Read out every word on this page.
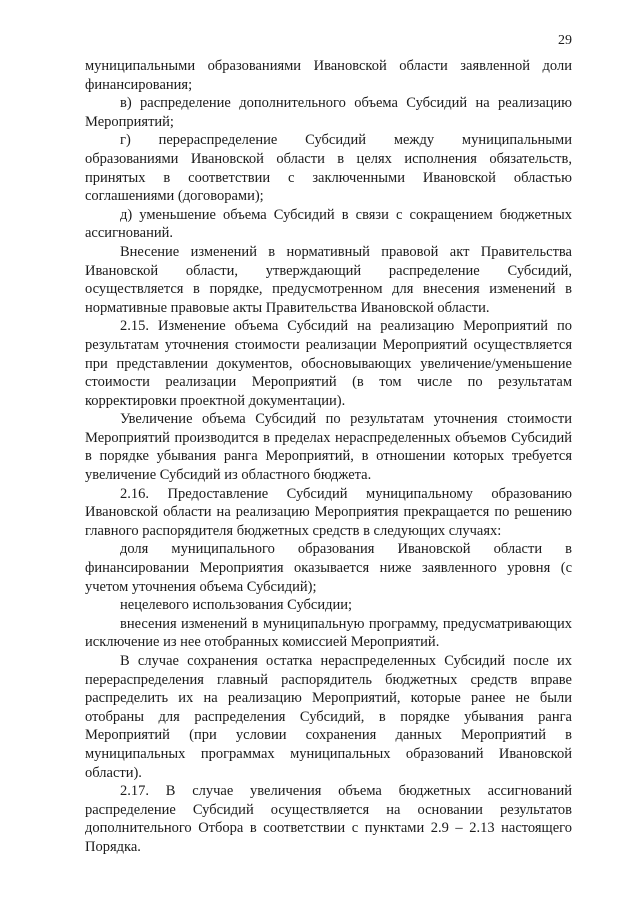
29

муниципальными образованиями Ивановской области заявленной доли финансирования;

в) распределение дополнительного объема Субсидий на реализацию Мероприятий;

г) перераспределение Субсидий между муниципальными образованиями Ивановской области в целях исполнения обязательств, принятых в соответствии с заключенными Ивановской областью соглашениями (договорами);

д) уменьшение объема Субсидий в связи с сокращением бюджетных ассигнований.

Внесение изменений в нормативный правовой акт Правительства Ивановской области, утверждающий распределение Субсидий, осуществляется в порядке, предусмотренном для внесения изменений в нормативные правовые акты Правительства Ивановской области.

2.15. Изменение объема Субсидий на реализацию Мероприятий по результатам уточнения стоимости реализации Мероприятий осуществляется при представлении документов, обосновывающих увеличение/уменьшение стоимости реализации Мероприятий (в том числе по результатам корректировки проектной документации).

Увеличение объема Субсидий по результатам уточнения стоимости Мероприятий производится в пределах нераспределенных объемов Субсидий в порядке убывания ранга Мероприятий, в отношении которых требуется увеличение Субсидий из областного бюджета.

2.16. Предоставление Субсидий муниципальному образованию Ивановской области на реализацию Мероприятия прекращается по решению главного распорядителя бюджетных средств в следующих случаях:

доля муниципального образования Ивановской области в финансировании Мероприятия оказывается ниже заявленного уровня (с учетом уточнения объема Субсидий);

нецелевого использования Субсидии;

внесения изменений в муниципальную программу, предусматривающих исключение из нее отобранных комиссией Мероприятий.

В случае сохранения остатка нераспределенных Субсидий после их перераспределения главный распорядитель бюджетных средств вправе распределить их на реализацию Мероприятий, которые ранее не были отобраны для распределения Субсидий, в порядке убывания ранга Мероприятий (при условии сохранения данных Мероприятий в муниципальных программах муниципальных образований Ивановской области).

2.17. В случае увеличения объема бюджетных ассигнований распределение Субсидий осуществляется на основании результатов дополнительного Отбора в соответствии с пунктами 2.9 – 2.13 настоящего Порядка.
